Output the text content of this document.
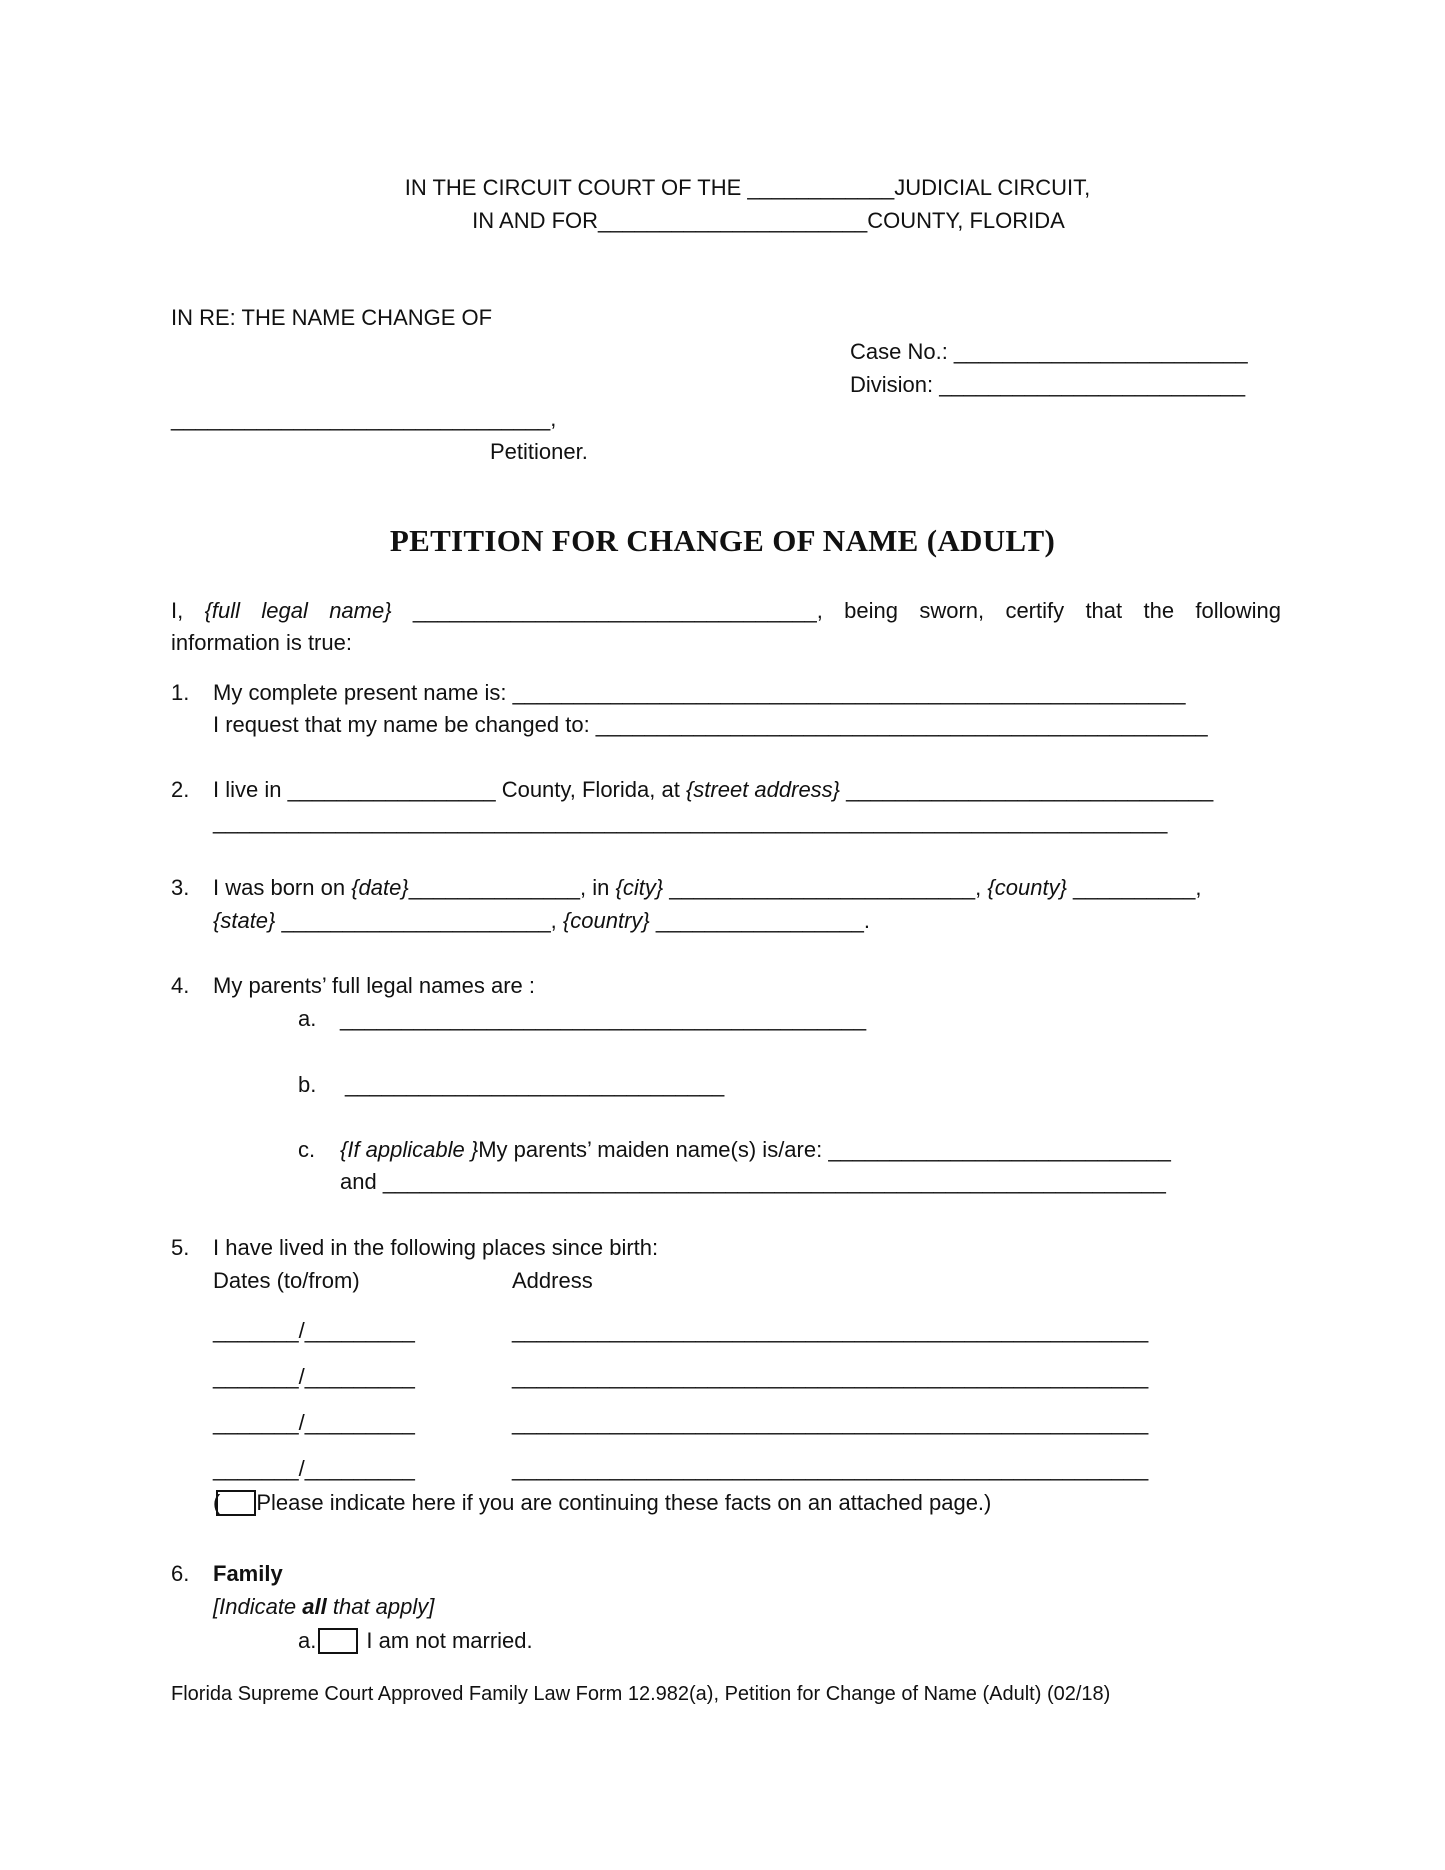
IN THE CIRCUIT COURT OF THE ____________JUDICIAL CIRCUIT,
IN AND FOR______________________COUNTY, FLORIDA
IN RE: THE NAME CHANGE OF
Case No.: ________________________
Division: _________________________
_______________________________,
Petitioner.
PETITION FOR CHANGE OF NAME (ADULT)
I, {full legal name} _________________________________, being sworn, certify that the following
information is true:
1. My complete present name is: _______________________________________________________
I request that my name be changed to: __________________________________________________
2. I live in _________________ County, Florida, at {street address} ______________________________
______________________________________________________________________________
3. I was born on {date}______________, in {city} _________________________, {county} __________,
{state} ______________________, {country} _________________.
4. My parents’ full legal names are :
a. ___________________________________________
b. _______________________________
c. {If applicable }My parents’ maiden name(s) is/are: ____________________________
and ________________________________________________________________
5. I have lived in the following places since birth:
Dates (to/from)	Address
_______/_________	____________________________________________________
_______/_________	____________________________________________________
_______/_________	____________________________________________________
_______/_________	____________________________________________________
( Please indicate here if you are continuing these facts on an attached page.)
6. Family
[Indicate all that apply]
a. I am not married.
Florida Supreme Court Approved Family Law Form 12.982(a), Petition for Change of Name (Adult) (02/18)
